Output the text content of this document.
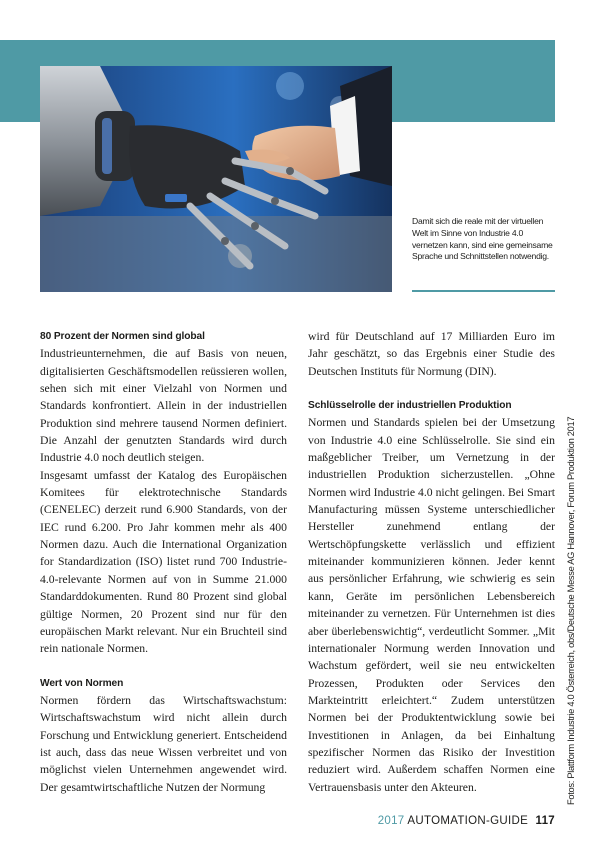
Damit sich die reale mit der virtuellen Welt im Sinne von Industrie 4.0 vernetzen kann, sind eine gemeinsame Sprache und Schnittstellen notwendig.
80 Prozent der Normen sind global

Industrieunternehmen, die auf Basis von neuen, digitalisierten Geschäftsmodellen reüssieren wollen, sehen sich mit einer Vielzahl von Normen und Standards konfrontiert. Allein in der industriellen Produktion sind mehrere tausend Normen definiert. Die Anzahl der genutzten Standards wird durch Industrie 4.0 noch deutlich steigen.

Insgesamt umfasst der Katalog des Europäischen Komitees für elektrotechnische Standards (CENELEC) derzeit rund 6.900 Standards, von der IEC rund 6.200. Pro Jahr kommen mehr als 400 Normen dazu. Auch die International Organization for Standardization (ISO) listet rund 700 Industrie-4.0-relevante Normen auf von in Summe 21.000 Standarddokumenten. Rund 80 Prozent sind global gültige Normen, 20 Prozent sind nur für den europäischen Markt relevant. Nur ein Bruchteil sind rein nationale Normen.

Wert von Normen

Normen fördern das Wirtschaftswachstum: Wirtschaftswachstum wird nicht allein durch Forschung und Entwicklung generiert. Entscheidend ist auch, dass das neue Wissen verbreitet und von möglichst vielen Unternehmen angewendet wird. Der gesamtwirtschaftliche Nutzen der Normung

wird für Deutschland auf 17 Milliarden Euro im Jahr geschätzt, so das Ergebnis einer Studie des Deutschen Instituts für Normung (DIN).

Schlüsselrolle der industriellen Produktion

Normen und Standards spielen bei der Umsetzung von Industrie 4.0 eine Schlüsselrolle. Sie sind ein maßgeblicher Treiber, um Vernetzung in der industriellen Produktion sicherzustellen. „Ohne Normen wird Industrie 4.0 nicht gelingen. Bei Smart Manufacturing müssen Systeme unterschiedlicher Hersteller zunehmend entlang der Wertschöpfungskette verlässlich und effizient miteinander kommunizieren können. Jeder kennt aus persönlicher Erfahrung, wie schwierig es sein kann, Geräte im persönlichen Lebensbereich miteinander zu vernetzen. Für Unternehmen ist dies aber überlebenswichtig“, verdeutlicht Sommer. „Mit internationaler Normung werden Innovation und Wachstum gefördert, weil sie neu entwickelten Prozessen, Produkten oder Services den Markteintritt erleichtert.“ Zudem unterstützen Normen bei der Produktentwicklung sowie bei Investitionen in Anlagen, da bei Einhaltung spezifischer Normen das Risiko der Investition reduziert wird. Außerdem schaffen Normen eine Vertrauensbasis unter den Akteuren.	Fotos: Plattform Industrie 4.0 Österreich, obs/Deutsche Messe AG Hannover, Forum Produktion 2017
2017 AUTOMATION-GUIDE 117
